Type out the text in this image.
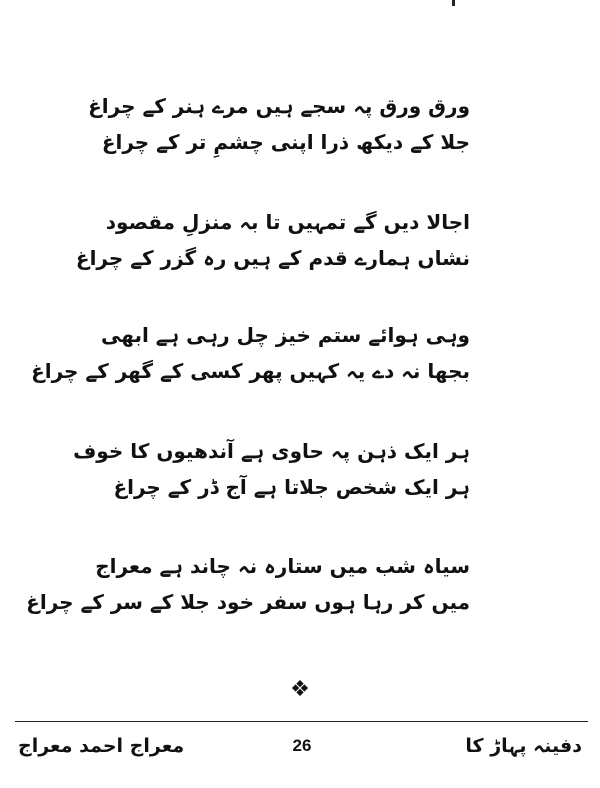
ورق ورق پہ سجے ہیں مرے ہنر کے چراغ
جلا کے دیکھ ذرا اپنی چشمِ تر کے چراغ
اجالا دیں گے تمہیں تا بہ منزلِ مقصود
نشاں ہمارے قدم کے ہیں رہ گزر کے چراغ
وہی ہوائے ستم خیز چل رہی ہے ابھی
بجھا نہ دے یہ کہیں پھر کسی کے گھر کے چراغ
ہر ایک ذہن پہ حاوی ہے آندھیوں کا خوف
ہر ایک شخص جلاتا ہے آج ڈر کے چراغ
سیاہ شب میں ستارہ نہ چاند ہے معراج
میں کر رہا ہوں سفر خود جلا کے سر کے چراغ
❖
معراج احمد معراج	26	دفینہ پہاڑ کا
